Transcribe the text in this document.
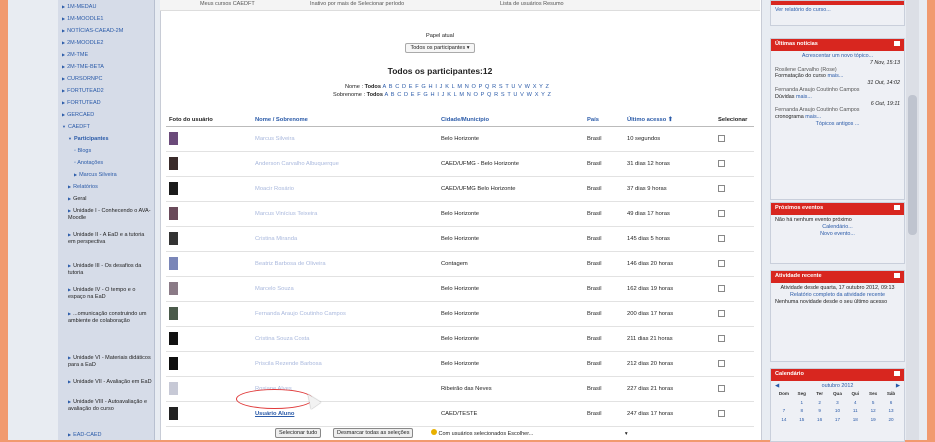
▶ 1M-MEDAU
▶ 1M-MOODLE1
▶ NOTÍCIAS-CAEAD-2M
▶ 2M-MOODLE2
▶ 2M-TME
▶ 2M-TME-BETA
▶ CURSORNPC
▶ FORTUTEAD2
▶ FORTUTEAD
▶ GERCAED
▼ CAEDFT
▼ Participantes
◦ Blogs
◦ Anotações
▶ Marcus Silveira
▶ Relatórios
▶ Geral
▶ Unidade I - Conhecendo o AVA-Moodle
▶ Unidade II - A EaD e a tutoria em perspectiva
▶ Unidade III - Os desafios da tutoria
▶ Unidade IV - O tempo e o espaço na EaD
▶ ...omunicação construindo um ambiente de colaboração
▶ Unidade VI - Materiais didáticos para a EaD
▶ Unidade VII - Avaliação em EaD
▶ Unidade VIII - Autoavaliação e avaliação do curso
▶ EAD-CAED
Meus cursos CAEDFT	Inativo por mais de Selecionar período	Lista de usuários Resumo
Papel atual
Todos os participantes ▾
Todos os participantes:12
Nome : Todos A B C D E F G H I J K L M N O P Q R S T U V W X Y Z
Sobrenome : Todos A B C D E F G H I J K L M N O P Q R S T U V W X Y Z
Foto do usuário	Nome / Sobrenome	Cidade/Município	País	Último acesso ⬆	Selecionar
	Marcus Silveira	Belo Horizonte	Brasil	10 segundos	
	Anderson Carvalho Albuquerque	CAED/UFMG - Belo Horizonte	Brasil	31 dias 12 horas	
	Moacir Rosário	CAED/UFMG Belo Horizonte	Brasil	37 dias 9 horas	
	Marcus Vinícius Teixeira	Belo Horizonte	Brasil	49 dias 17 horas	
	Cristina Miranda	Belo Horizonte	Brasil	145 dias 5 horas	
	Beatriz Barbosa de Oliveira	Contagem	Brasil	146 dias 20 horas	
	Marcelo Souza	Belo Horizonte	Brasil	162 dias 19 horas	
	Fernanda Araujo Coutinho Campos	Belo Horizonte	Brasil	200 dias 17 horas	
	Cristina Souza Costa	Belo Horizonte	Brasil	211 dias 21 horas	
	Priscila Rezende Barbosa	Belo Horizonte	Brasil	212 dias 20 horas	
	Rosiane Alves	Ribeirão das Neves	Brasil	227 dias 21 horas	
	Usuário Aluno	CAED/TESTE	Brasil	247 dias 17 horas	
Selecionar tudo	Desmarcar todas as seleções	Com usuários selecionados Escolher...	▾
Ver relatório do curso...
Últimas notícias
Acrescentar um novo tópico...
7 Nov, 15:13
Rosilene Carvalho (Rose)
Formatação do curso mais...
31 Out, 14:02
Fernanda Araujo Coutinho Campos
Dúvidas mais...
6 Out, 19:11
Fernanda Araujo Coutinho Campos
cronograma mais...
Tópicos antigos ...
Próximos eventos
Não há nenhum evento próximo
Calendário...
Novo evento...
Atividade recente
Atividade desde quarta, 17 outubro 2012, 09:13
Relatório completo da atividade recente
Nenhuma novidade desde o seu último acesso
Calendário
◀	outubro 2012	▶
Dom	Seg	Ter	Qua	Qui	Sex	Sáb
	1	2	3	4	5	6
7	8	9	10	11	12	13
14	15	16	17	18	19	20
